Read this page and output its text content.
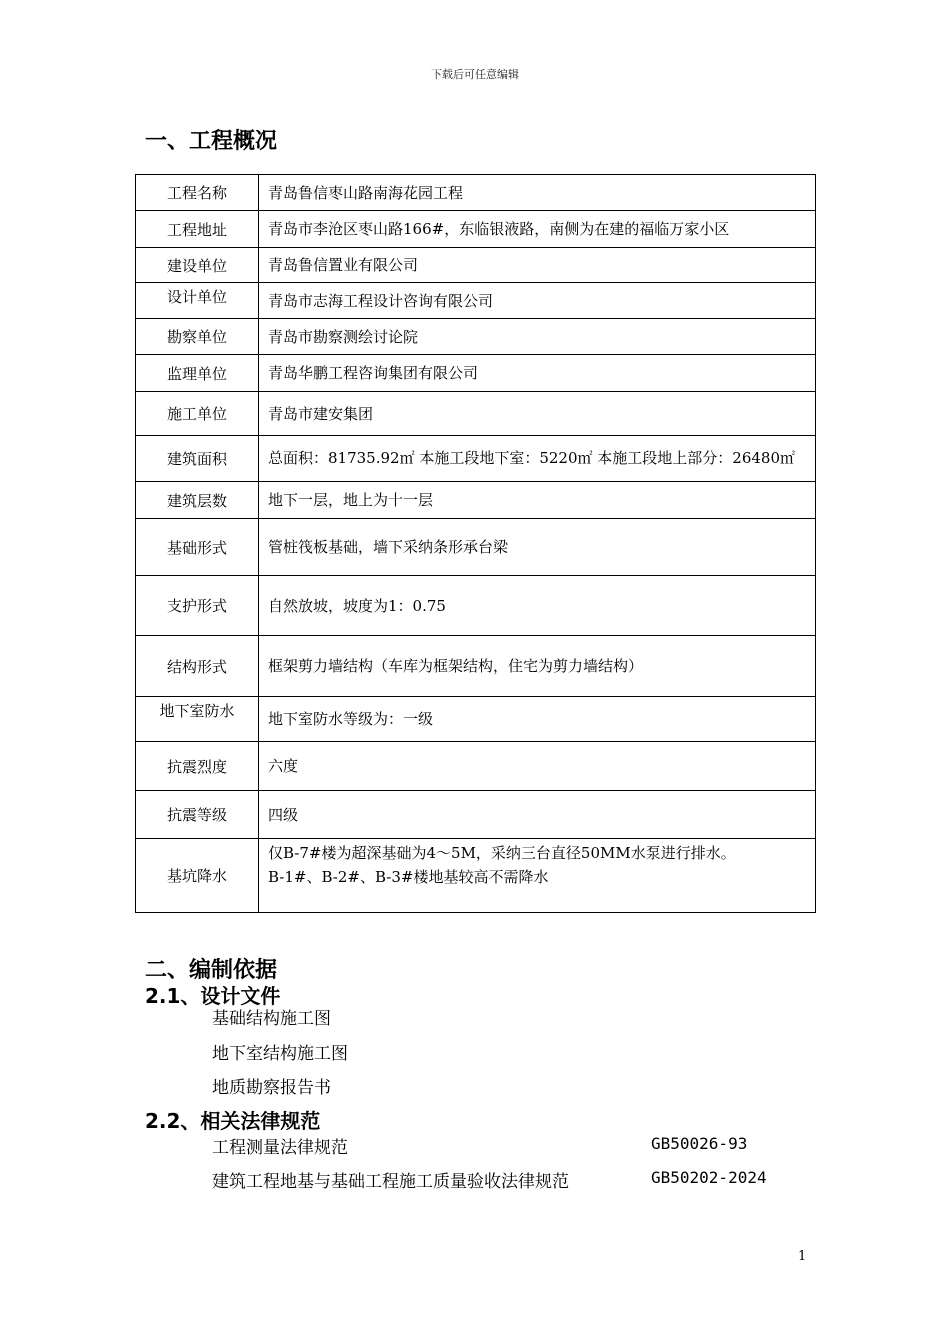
下载后可任意编辑
一、工程概况
工程名称	青岛鲁信枣山路南海花园工程
工程地址	青岛市李沧区枣山路166#，东临银液路，南侧为在建的福临万家小区
建设单位	青岛鲁信置业有限公司
设计单位	青岛市志海工程设计咨询有限公司
勘察单位	青岛市勘察测绘讨论院
监理单位	青岛华鹏工程咨询集团有限公司
施工单位	青岛市建安集团
建筑面积	总面积：81735.92㎡ 本施工段地下室：5220㎡ 本施工段地上部分：26480㎡
建筑层数	地下一层，地上为十一层
基础形式	管桩筏板基础，墙下采纳条形承台梁
支护形式	自然放坡，坡度为1：0.75
结构形式	框架剪力墙结构（车库为框架结构，住宅为剪力墙结构）
地下室防水	地下室防水等级为：一级
抗震烈度	六度
抗震等级	四级
基坑降水	仅B-7#楼为超深基础为4～5M，采纳三台直径50MM水泵进行排水。
B-1#、B-2#、B-3#楼地基较高不需降水
二、编制依据
2.1、设计文件
基础结构施工图
地下室结构施工图
地质勘察报告书
2.2、相关法律规范
工程测量法律规范	GB50026-93
建筑工程地基与基础工程施工质量验收法律规范	GB50202-2024
1
